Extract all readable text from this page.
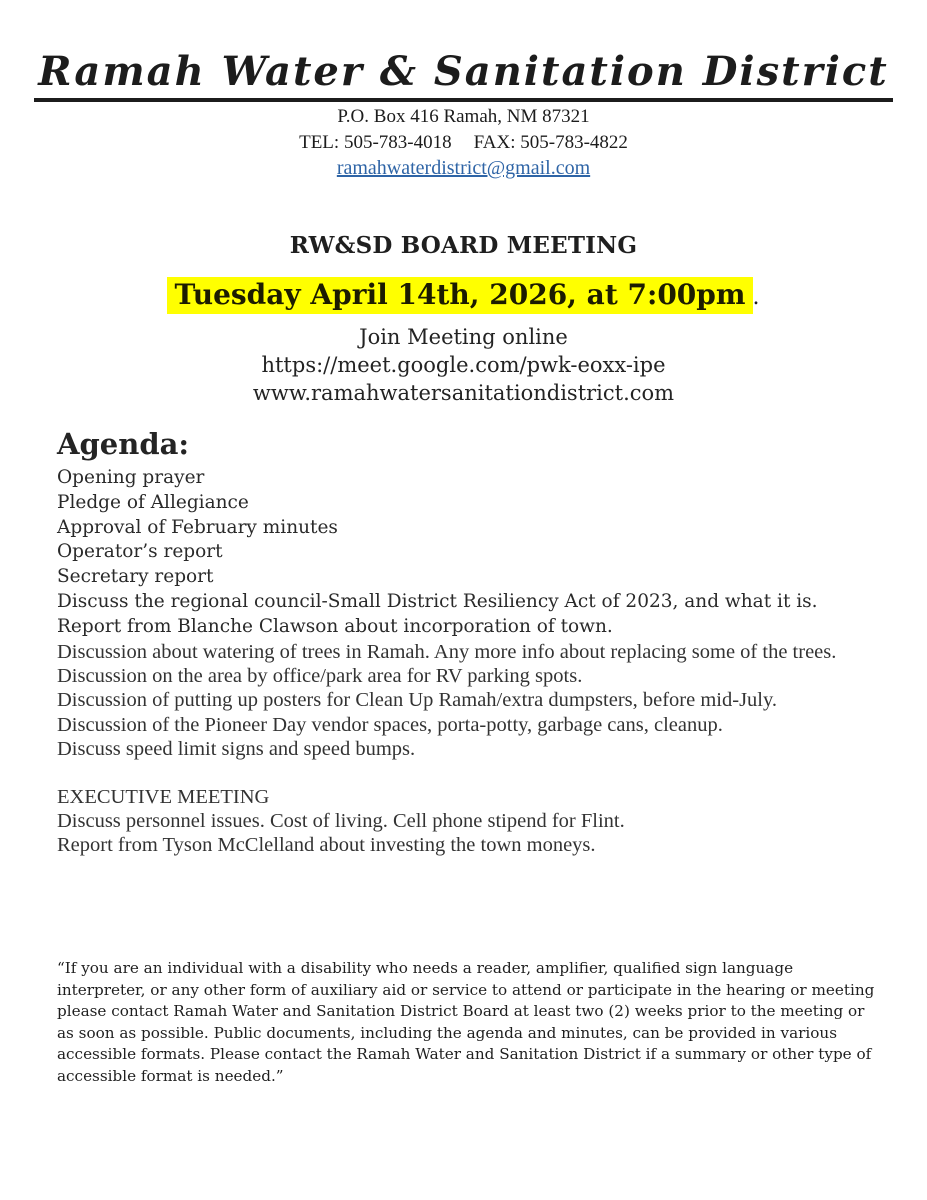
Ramah Water & Sanitation District
P.O. Box 416 Ramah, NM 87321
TEL: 505-783-4018 FAX: 505-783-4822
ramahwaterdistrict@gmail.com
RW&SD BOARD MEETING
Tuesday April 14th, 2026, at 7:00pm .
Join Meeting online
https://meet.google.com/pwk-eoxx-ipe
www.ramahwatersanitationdistrict.com
Agenda:
Opening prayer
Pledge of Allegiance
Approval of February minutes
Operator’s report
Secretary report
Discuss the regional council-Small District Resiliency Act of 2023, and what it is.
Report from Blanche Clawson about incorporation of town.
Discussion about watering of trees in Ramah. Any more info about replacing some of the trees.
Discussion on the area by office/park area for RV parking spots.
Discussion of putting up posters for Clean Up Ramah/extra dumpsters, before mid-July.
Discussion of the Pioneer Day vendor spaces, porta-potty, garbage cans, cleanup.
Discuss speed limit signs and speed bumps.
EXECUTIVE MEETING
Discuss personnel issues. Cost of living. Cell phone stipend for Flint.
Report from Tyson McClelland about investing the town moneys.

“If you are an individual with a disability who needs a reader, amplifier, qualified sign language interpreter, or any other form of auxiliary aid or service to attend or participate in the hearing or meeting please contact Ramah Water and Sanitation District Board at least two (2) weeks prior to the meeting or as soon as possible. Public documents, including the agenda and minutes, can be provided in various accessible formats. Please contact the Ramah Water and Sanitation District if a summary or other type of accessible format is needed.”
